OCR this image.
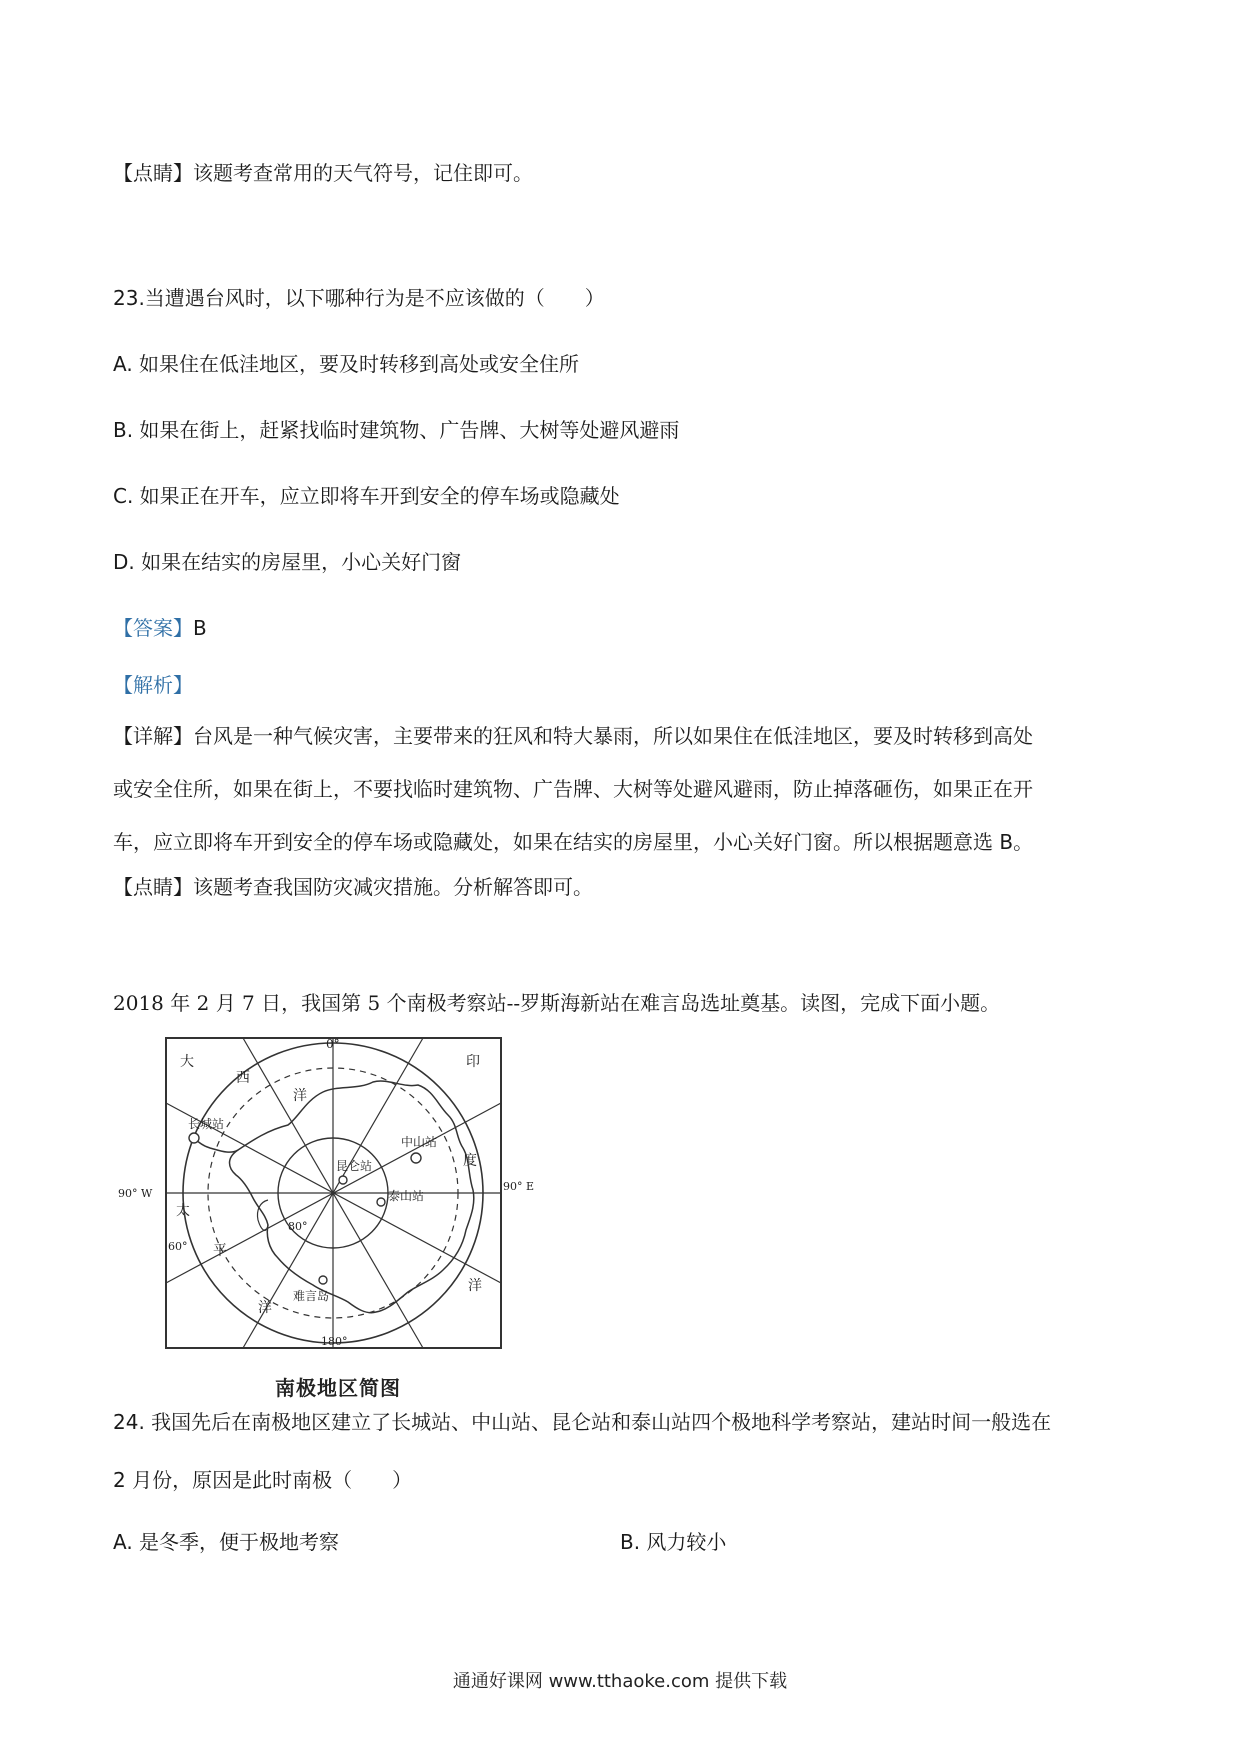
【点睛】该题考查常用的天气符号，记住即可。
23.当遭遇台风时，以下哪种行为是不应该做的（　　）
A. 如果住在低洼地区，要及时转移到高处或安全住所
B. 如果在街上，赶紧找临时建筑物、广告牌、大树等处避风避雨
C. 如果正在开车，应立即将车开到安全的停车场或隐藏处
D. 如果在结实的房屋里，小心关好门窗
【答案】B
【解析】
【详解】台风是一种气候灾害，主要带来的狂风和特大暴雨，所以如果住在低洼地区，要及时转移到高处
或安全住所，如果在街上，不要找临时建筑物、广告牌、大树等处避风避雨，防止掉落砸伤，如果正在开
车，应立即将车开到安全的停车场或隐藏处，如果在结实的房屋里，小心关好门窗。所以根据题意选 B。
【点睛】该题考查我国防灾减灾措施。分析解答即可。
2018 年 2 月 7 日，我国第 5 个南极考察站--罗斯海新站在难言岛选址奠基。读图，完成下面小题。
0°
90° W
90° E
180°
80°
60°
大
西
洋
印
度
洋
太
平
洋
长城站
中山站
昆仑站
泰山站
难言岛
南极地区简图
24. 我国先后在南极地区建立了长城站、中山站、昆仑站和泰山站四个极地科学考察站，建站时间一般选在
2 月份，原因是此时南极（　　）
A. 是冬季，便于极地考察	B. 风力较小
通通好课网 www.tthaoke.com 提供下载
